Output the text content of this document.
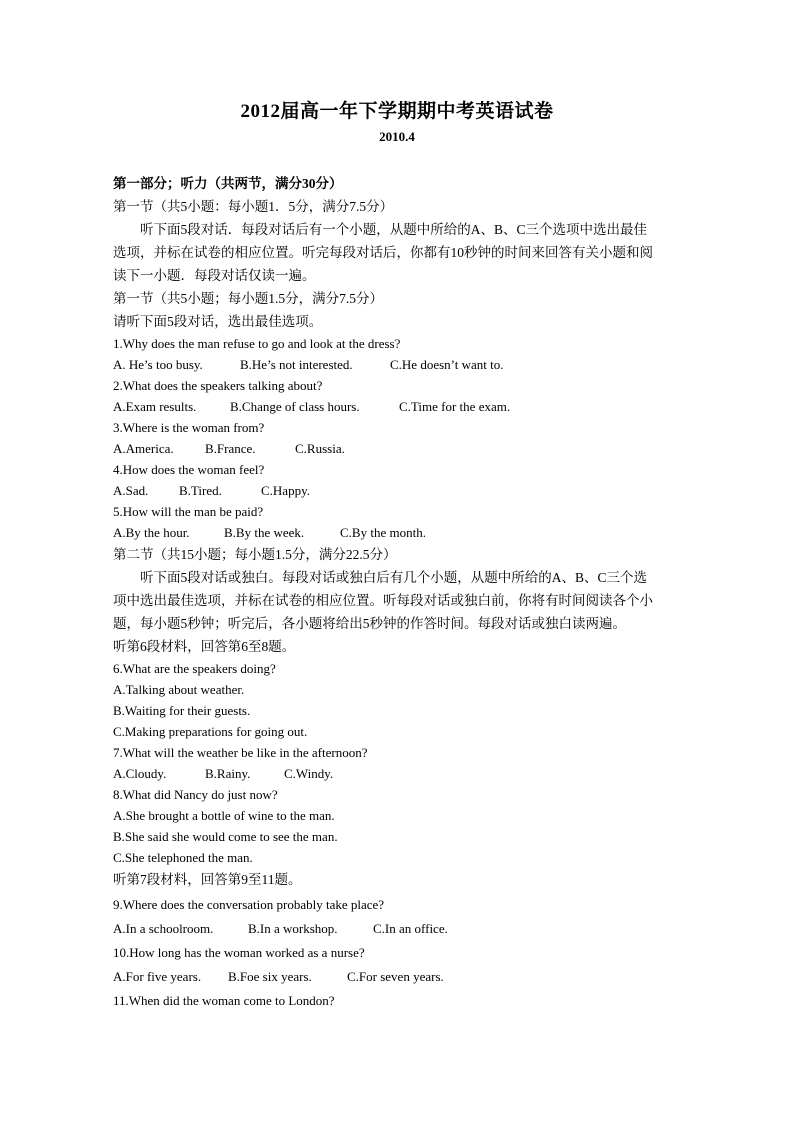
2012届高一年下学期期中考英语试卷
2010.4
第一部分；听力（共两节，满分30分）
第一节（共5小题：每小题1．5分，满分7.5分）
听下面5段对话．每段对话后有一个小题，从题中所给的A、B、C三个选项中选出最佳
选项，并标在试卷的相应位置。听完每段对话后，你都有10秒钟的时间来回答有关小题和阅
读下一小题．每段对话仅读一遍。
第一节（共5小题；每小题1.5分，满分7.5分）
请听下面5段对话，选出最佳选项。
1.Why does the man refuse to go and look at the dress?
A. He’s too busy.	B.He’s not interested.	C.He doesn’t want to.
2.What does the speakers talking about?
A.Exam results.	B.Change of class hours.	C.Time for the exam.
3.Where is the woman from?
A.America. B.France.	C.Russia.
4.How does the woman feel?
A.Sad. B.Tired.	C.Happy.
5.How will the man be paid?
A.By the hour.	B.By the week.	C.By the month.
第二节（共15小题；每小题1.5分，满分22.5分）
听下面5段对话或独白。每段对话或独白后有几个小题，从题中所给的A、B、C三个选
项中选出最佳选项，并标在试卷的相应位置。听每段对话或独白前，你将有时间阅读各个小
题，每小题5秒钟；听完后，各小题将给出5秒钟的作答时间。每段对话或独白读两遍。
听第6段材料，回答第6至8题。
6.What are the speakers doing?
A.Talking about weather.
B.Waiting for their guests.
C.Making preparations for going out.
7.What will the weather be like in the afternoon?
A.Cloudy.	B.Rainy.	C.Windy.
8.What did Nancy do just now?
A.She brought a bottle of wine to the man.
B.She said she would come to see the man.
C.She telephoned the man.
听第7段材料，回答第9至11题。
9.Where does the conversation probably take place?
A.In a schoolroom.	B.In a workshop.	C.In an office.
10.How long has the woman worked as a nurse?
A.For five years. B.Foe six years.	C.For seven years.
11.When did the woman come to London?
